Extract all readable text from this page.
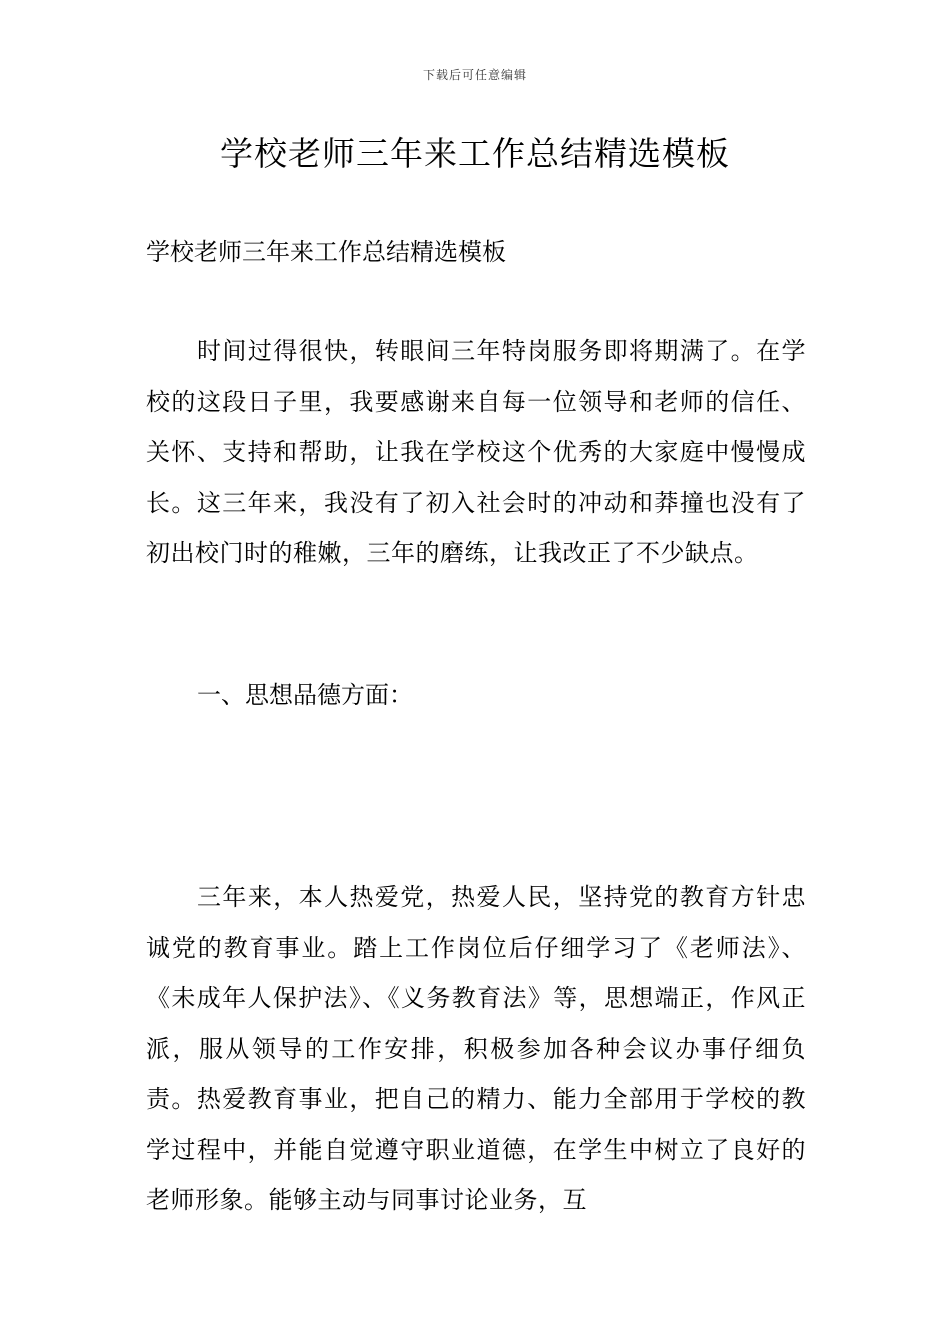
下载后可任意编辑
学校老师三年来工作总结精选模板

学校老师三年来工作总结精选模板

时间过得很快，转眼间三年特岗服务即将期满了。在学校的这段日子里，我要感谢来自每一位领导和老师的信任、关怀、支持和帮助，让我在学校这个优秀的大家庭中慢慢成长。这三年来，我没有了初入社会时的冲动和莽撞也没有了初出校门时的稚嫩，三年的磨练，让我改正了不少缺点。

一、思想品德方面：

三年来，本人热爱党，热爱人民，坚持党的教育方针忠诚党的教育事业。踏上工作岗位后仔细学习了《老师法》、《未成年人保护法》、《义务教育法》等，思想端正，作风正派，服从领导的工作安排，积极参加各种会议办事仔细负责。热爱教育事业，把自己的精力、能力全部用于学校的教学过程中，并能自觉遵守职业道德，在学生中树立了良好的老师形象。能够主动与同事讨论业务，互
